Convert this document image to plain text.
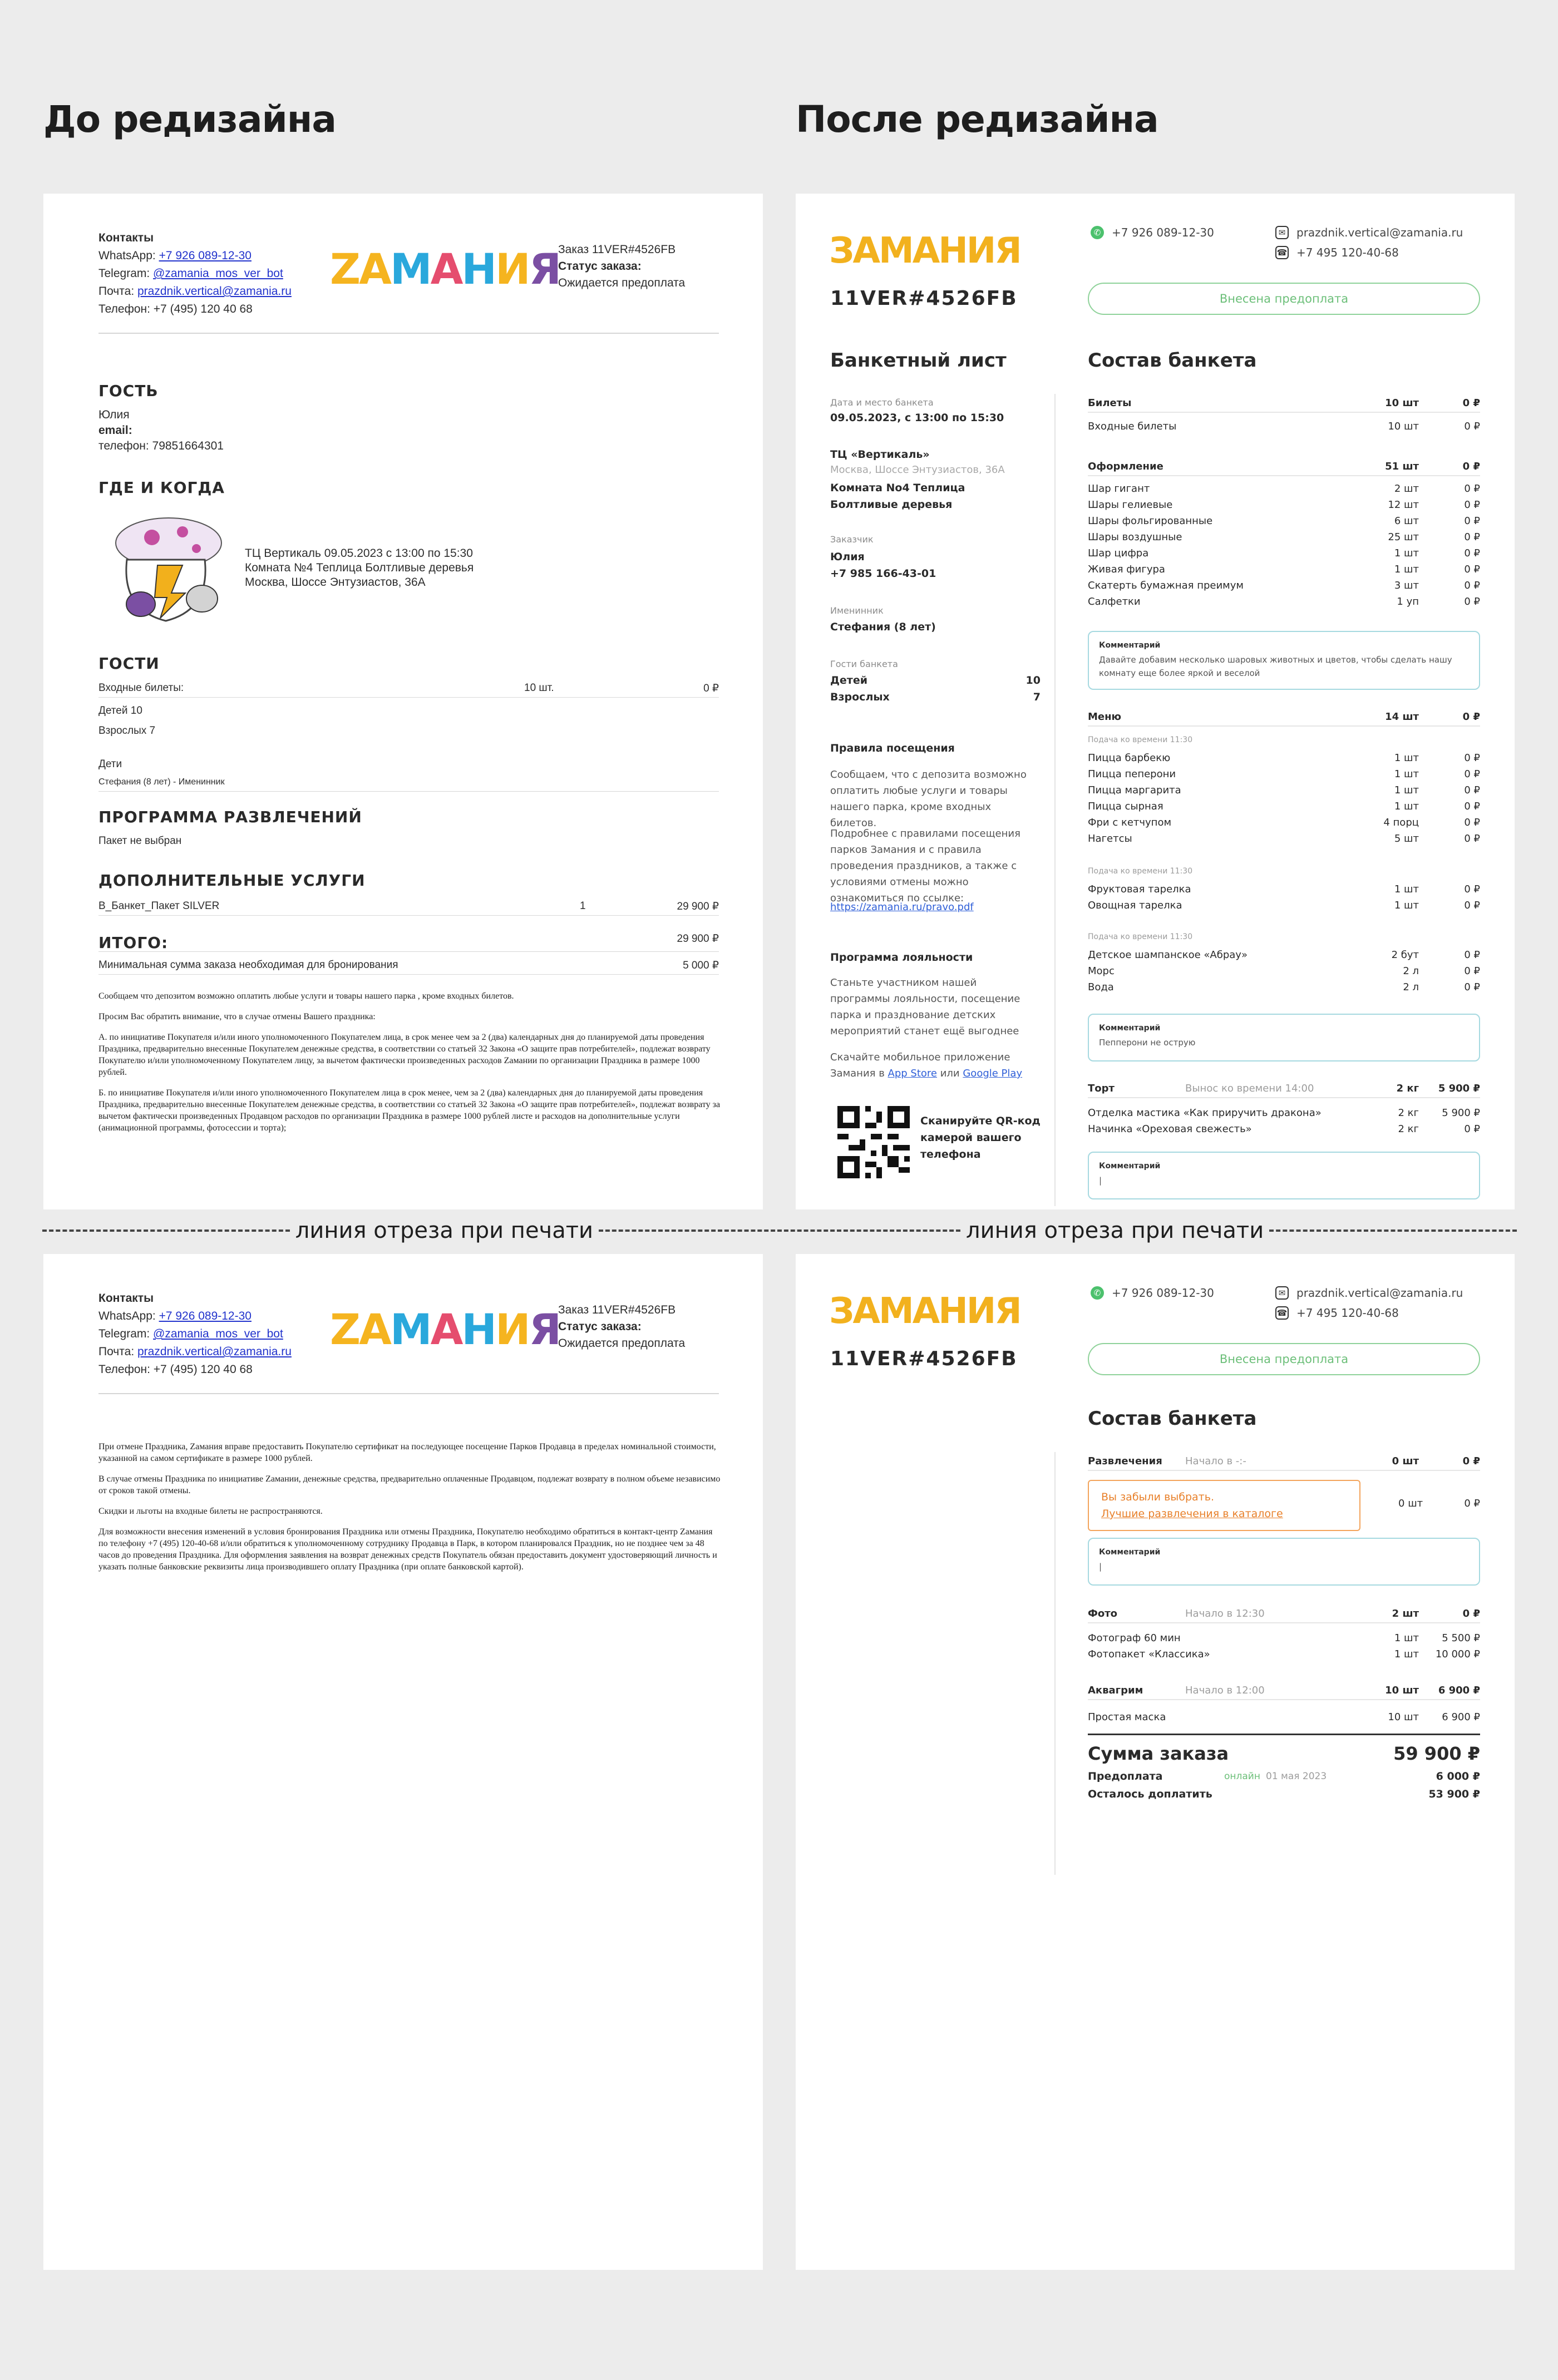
До редизайна	После редизайна
Контакты
WhatsApp: +7 926 089-12-30
Telegram: @zamania_mos_ver_bot
Почта: prazdnik.vertical@zamania.ru
Телефон: +7 (495) 120 40 68
ZАМАНИЯ
Заказ 11VER#4526FB
Статус заказа:
Ожидается предоплата
ГОСТЬ
Юлия
email:
телефон: 79851664301
ГДЕ И КОГДА
ТЦ Вертикаль 09.05.2023 с 13:00 по 15:30
Комната №4 Теплица Болтливые деревья
Москва, Шоссе Энтузиастов, 36А
ГОСТИ
Входные билеты:	10 шт.	0 ₽
Детей 10
Взрослых 7
Дети
Стефания (8 лет) - Именинник
ПРОГРАММА РАЗВЛЕЧЕНИЙ
Пакет не выбран
ДОПОЛНИТЕЛЬНЫЕ УСЛУГИ
В_Банкет_Пакет SILVER	1	29 900 ₽
ИТОГО:	29 900 ₽
Минимальная сумма заказа необходимая для бронирования	5 000 ₽

Сообщаем что депозитом возможно оплатить любые услуги и товары нашего парка , кроме входных билетов.

Просим Вас обратить внимание, что в случае отмены Вашего праздника:

А. по инициативе Покупателя и/или иного уполномоченного Покупателем лица, в срок менее чем за 2 (два) календарных дня до планируемой даты проведения Праздника, предварительно внесенные Покупателем денежные средства, в соответствии со статьей 32 Закона «О защите прав потребителей», подлежат возврату Покупателю и/или уполномоченному Покупателем лицу, за вычетом фактически произведенных расходов Zамании по организации Праздника в размере 1000 рублей.

Б. по инициативе Покупателя и/или иного уполномоченного Покупателем лица в срок менее, чем за 2 (два) календарных дня до планируемой даты проведения Праздника, предварительно внесенные Покупателем денежные средства, в соответствии со статьей 32 Закона «О защите прав потребителей», подлежат возврату за вычетом фактически произведенных Продавцом расходов по организации Праздника в размере 1000 рублей листе и расходов на дополнительные услуги (анимационной программы, фотосессии и торта);

ЗАМАНИЯ
11VER#4526FB
✆ +7 926 089-12-30	✉ prazdnik.vertical@zamania.ru
☎ +7 495 120-40-68
Внесена предоплата
Банкетный лист	Состав банкета
Дата и место банкета
09.05.2023, с 13:00 по 15:30
ТЦ «Вертикаль»
Москва, Шоссе Энтузиастов, 36А
Комната No4 Теплица Болтливые деревья
Заказчик
Юлия
+7 985 166-43-01
Именинник
Стефания (8 лет)
Гости банкета
Детей	10
Взрослых	7
Правила посещения
Сообщаем, что с депозита возможно оплатить любые услуги и товары нашего парка, кроме входных билетов.
Подробнее с правилами посещения парков Замания и с правила проведения праздников, а также с условиями отмены можно ознакомиться по ссылке:
https://zamania.ru/pravo.pdf
Программа лояльности
Станьте участником нашей программы лояльности, посещение парка и празднование детских мероприятий станет ещё выгоднее
Скачайте мобильное приложение Замания в App Store или Google Play
Сканируйте QR-код камерой вашего телефона
Билеты	10 шт	0 ₽
Входные билеты	10 шт	0 ₽
Оформление	51 шт	0 ₽
Шар гигант	2 шт	0 ₽
Шары гелиевые	12 шт	0 ₽
Шары фольгированные	6 шт	0 ₽
Шары воздушные	25 шт	0 ₽
Шар цифра	1 шт	0 ₽
Живая фигура	1 шт	0 ₽
Скатерть бумажная преимум	3 шт	0 ₽
Салфетки	1 уп	0 ₽
Комментарий
Давайте добавим несколько шаровых животных и цветов, чтобы сделать нашу комнату еще более яркой и веселой
Меню	14 шт	0 ₽
Подача ко времени 11:30
Пицца барбекю	1 шт	0 ₽
Пицца пеперони	1 шт	0 ₽
Пицца маргарита	1 шт	0 ₽
Пицца сырная	1 шт	0 ₽
Фри с кетчупом	4 порц	0 ₽
Нагетсы	5 шт	0 ₽
Подача ко времени 11:30
Фруктовая тарелка	1 шт	0 ₽
Овощная тарелка	1 шт	0 ₽
Подача ко времени 11:30
Детское шампанское «Абрау»	2 бут	0 ₽
Морс	2 л	0 ₽
Вода	2 л	0 ₽
Комментарий
Пепперони не острую
Торт	Вынос ко времени 14:00	2 кг	5 900 ₽
Отделка мастика «Как приручить дракона»	2 кг	5 900 ₽
Начинка «Ореховая свежесть»	2 кг	0 ₽
Комментарий
|
линия отреза при печати	линия отреза при печати
Контакты
WhatsApp: +7 926 089-12-30
Telegram: @zamania_mos_ver_bot
Почта: prazdnik.vertical@zamania.ru
Телефон: +7 (495) 120 40 68
ZАМАНИЯ
Заказ 11VER#4526FB
Статус заказа:
Ожидается предоплата

При отмене Праздника, Zамания вправе предоставить Покупателю сертификат на последующее посещение Парков Продавца в пределах номинальной стоимости, указанной на самом сертификате в размере 1000 рублей.

В случае отмены Праздника по инициативе Zамании, денежные средства, предварительно оплаченные Продавцом, подлежат возврату в полном объеме независимо от сроков такой отмены.

Скидки и льготы на входные билеты не распространяются.

Для возможности внесения изменений в условия бронирования Праздника или отмены Праздника, Покупателю необходимо обратиться в контакт-центр Zамания по телефону +7 (495) 120-40-68 и/или обратиться к уполномоченному сотруднику Продавца в Парк, в котором планировался Праздник, но не позднее чем за 48 часов до проведения Праздника. Для оформления заявления на возврат денежных средств Покупатель обязан предоставить документ удостоверяющий личность и указать полные банковские реквизиты лица производившего оплату Праздника (при оплате банковской картой).

ЗАМАНИЯ
11VER#4526FB
✆ +7 926 089-12-30	✉ prazdnik.vertical@zamania.ru
☎ +7 495 120-40-68
Внесена предоплата
Состав банкета
Развлечения	Начало в -:-	0 шт	0 ₽
Вы забыли выбрать.
Лучшие развлечения в каталоге
0 шт	0 ₽
Комментарий
|
Фото	Начало в 12:30	2 шт	0 ₽
Фотограф 60 мин	1 шт	5 500 ₽
Фотопакет «Классика»	1 шт	10 000 ₽
Аквагрим	Начало в 12:00	10 шт	6 900 ₽
Простая маска	10 шт	6 900 ₽
Сумма заказа	59 900 ₽
Предоплата	онлайн 01 мая 2023	6 000 ₽
Осталось доплатить	53 900 ₽
